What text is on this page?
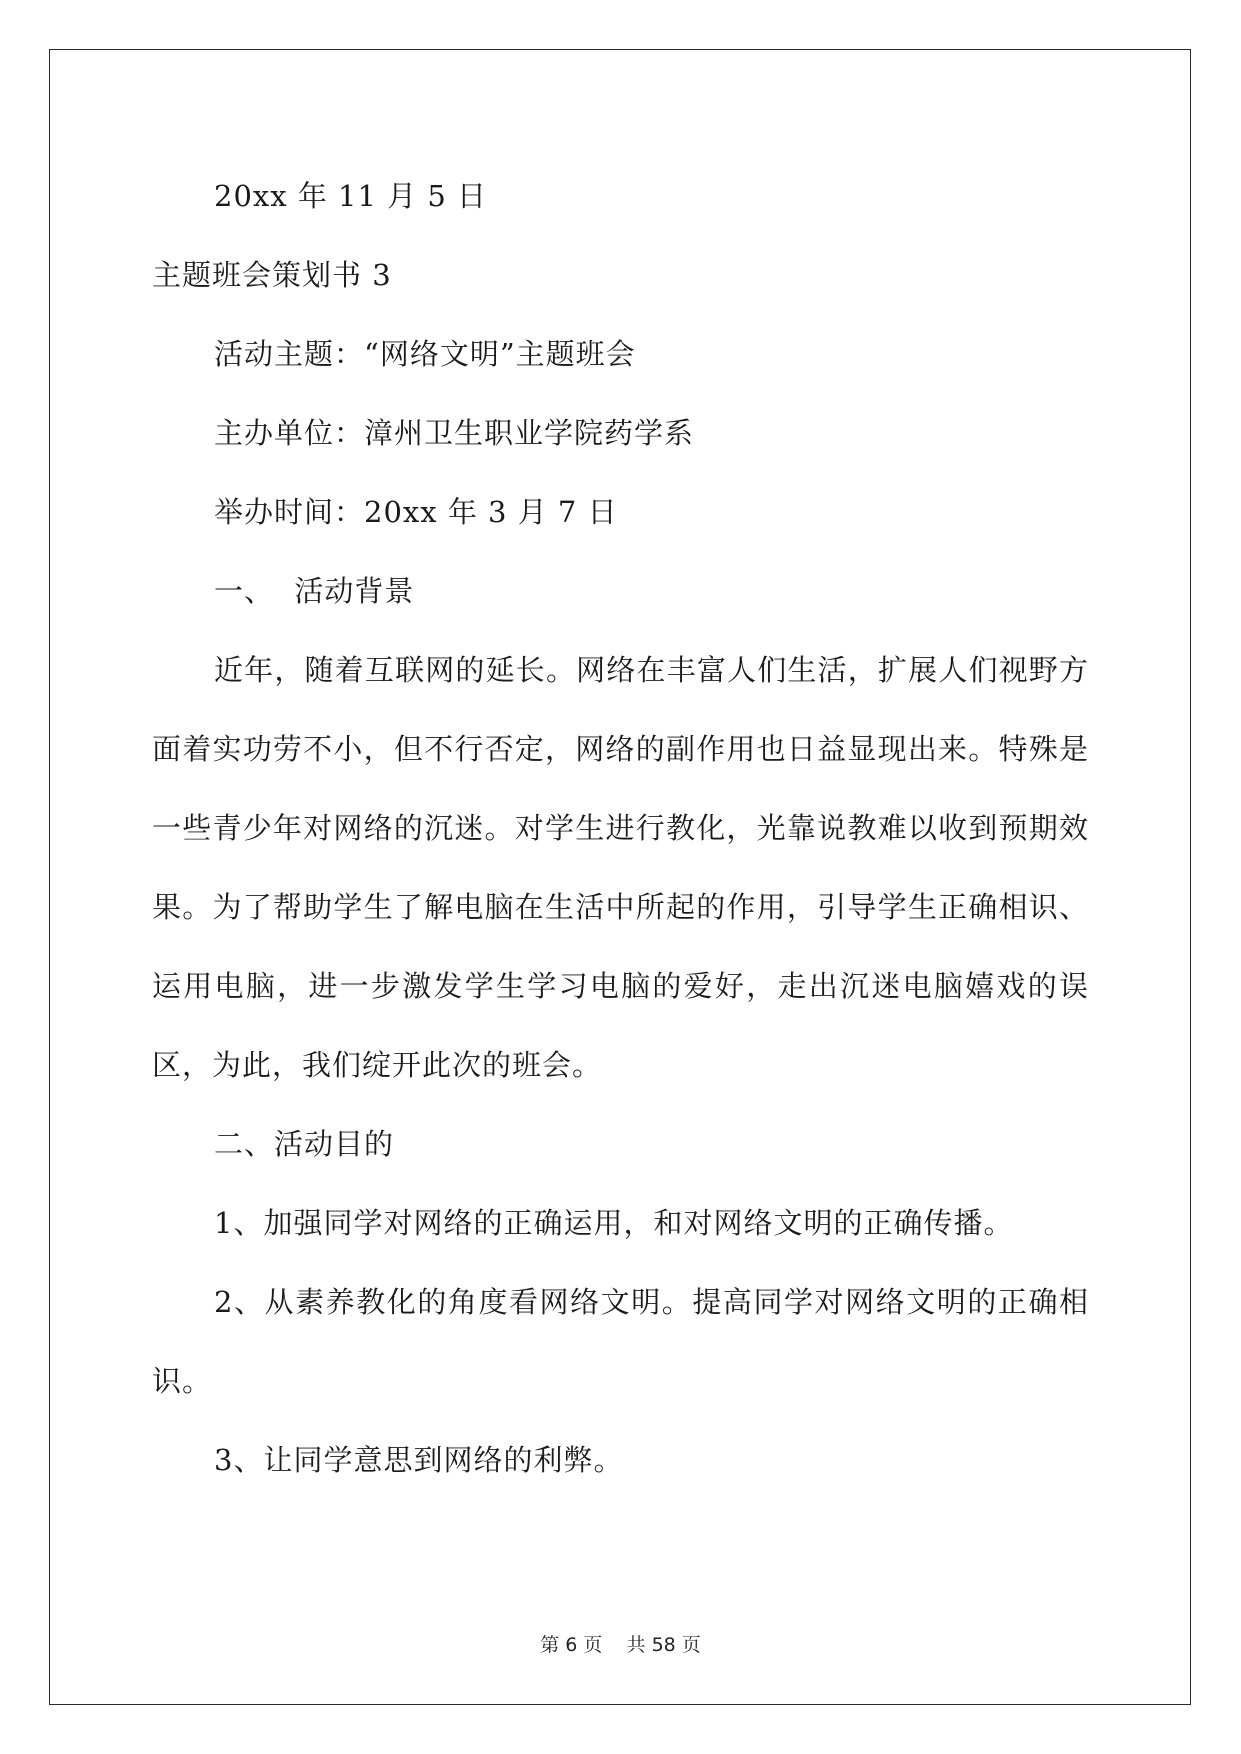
20xx 年 11 月 5 日

主题班会策划书 3

活动主题：“网络文明”主题班会

主办单位：漳州卫生职业学院药学系

举办时间：20xx 年 3 月 7 日

一、  活动背景

近年，随着互联网的延长。网络在丰富人们生活，扩展人们视野方面着实功劳不小，但不行否定，网络的副作用也日益显现出来。特殊是一些青少年对网络的沉迷。对学生进行教化，光靠说教难以收到预期效果。为了帮助学生了解电脑在生活中所起的作用，引导学生正确相识、运用电脑，进一步激发学生学习电脑的爱好，走出沉迷电脑嬉戏的误区，为此，我们绽开此次的班会。

二、活动目的

1、加强同学对网络的正确运用，和对网络文明的正确传播。

2、从素养教化的角度看网络文明。提高同学对网络文明的正确相识。

3、让同学意思到网络的利弊。

第 6 页    共 58 页
